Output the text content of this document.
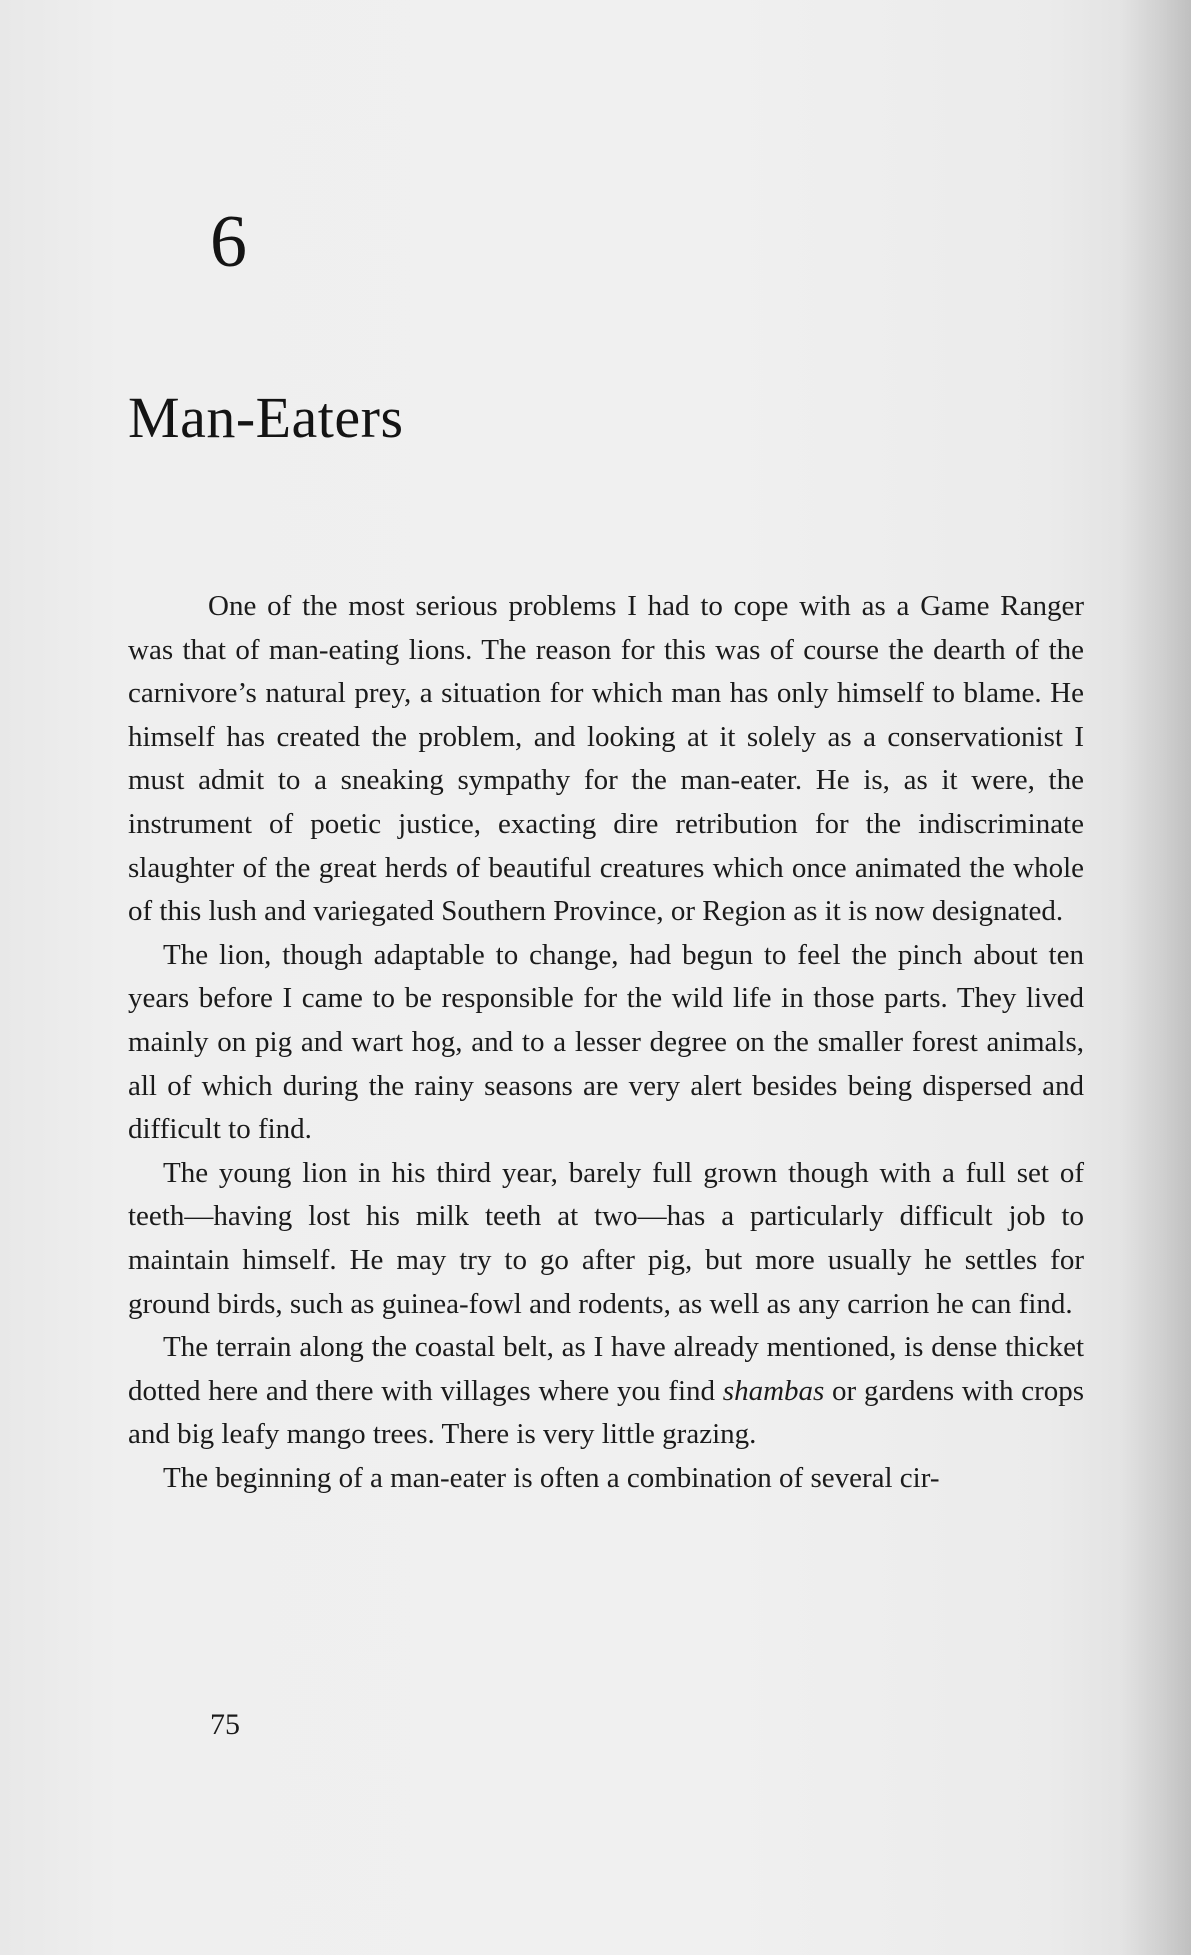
6
Man-Eaters

One of the most serious problems I had to cope with as a Game Ranger was that of man-eating lions. The reason for this was of course the dearth of the carnivore’s natural prey, a situation for which man has only himself to blame. He himself has created the problem, and looking at it solely as a conservationist I must admit to a sneaking sympathy for the man-eater. He is, as it were, the instrument of poetic justice, exacting dire retribution for the indiscriminate slaughter of the great herds of beautiful creatures which once animated the whole of this lush and variegated Southern Province, or Region as it is now designated.

The lion, though adaptable to change, had begun to feel the pinch about ten years before I came to be responsible for the wild life in those parts. They lived mainly on pig and wart hog, and to a lesser degree on the smaller forest animals, all of which during the rainy seasons are very alert besides being dispersed and difficult to find.

The young lion in his third year, barely full grown though with a full set of teeth—having lost his milk teeth at two—has a particularly difficult job to maintain himself. He may try to go after pig, but more usually he settles for ground birds, such as guinea-fowl and rodents, as well as any carrion he can find.

The terrain along the coastal belt, as I have already mentioned, is dense thicket dotted here and there with villages where you find shambas or gardens with crops and big leafy mango trees. There is very little grazing.

The beginning of a man-eater is often a combination of several cir-

75
